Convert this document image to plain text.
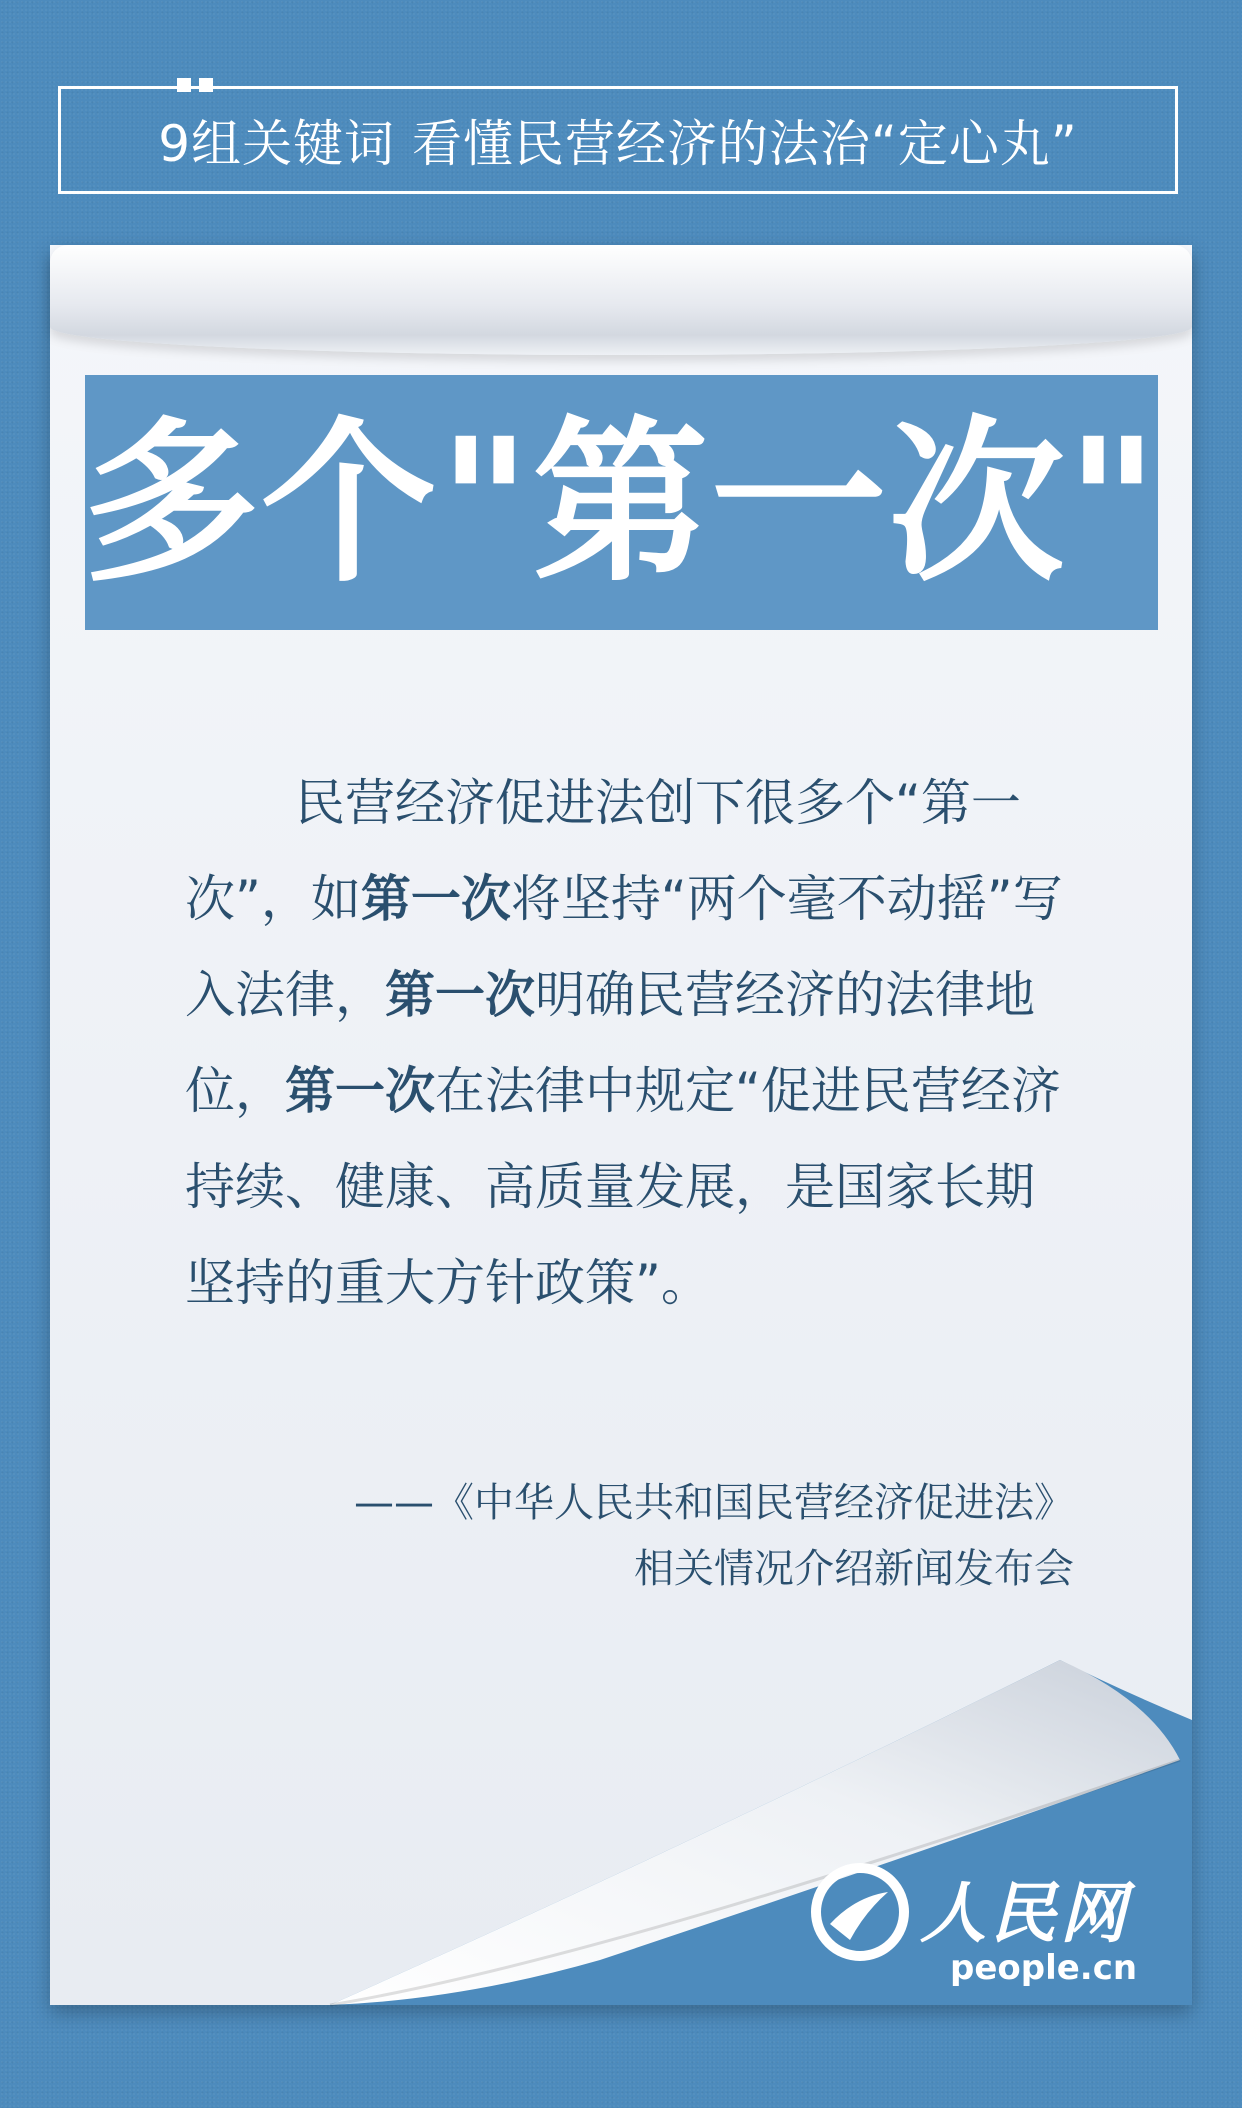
9组关键词 看懂民营经济的法治“定心丸”
多个"第一次"
民营经济促进法创下很多个“第一次”，如第一次将坚持“两个毫不动摇”写入法律，第一次明确民营经济的法律地位，第一次在法律中规定“促进民营经济持续、健康、高质量发展，是国家长期坚持的重大方针政策”。
——《中华人民共和国民营经济促进法》
相关情况介绍新闻发布会
人民网
people.cn
